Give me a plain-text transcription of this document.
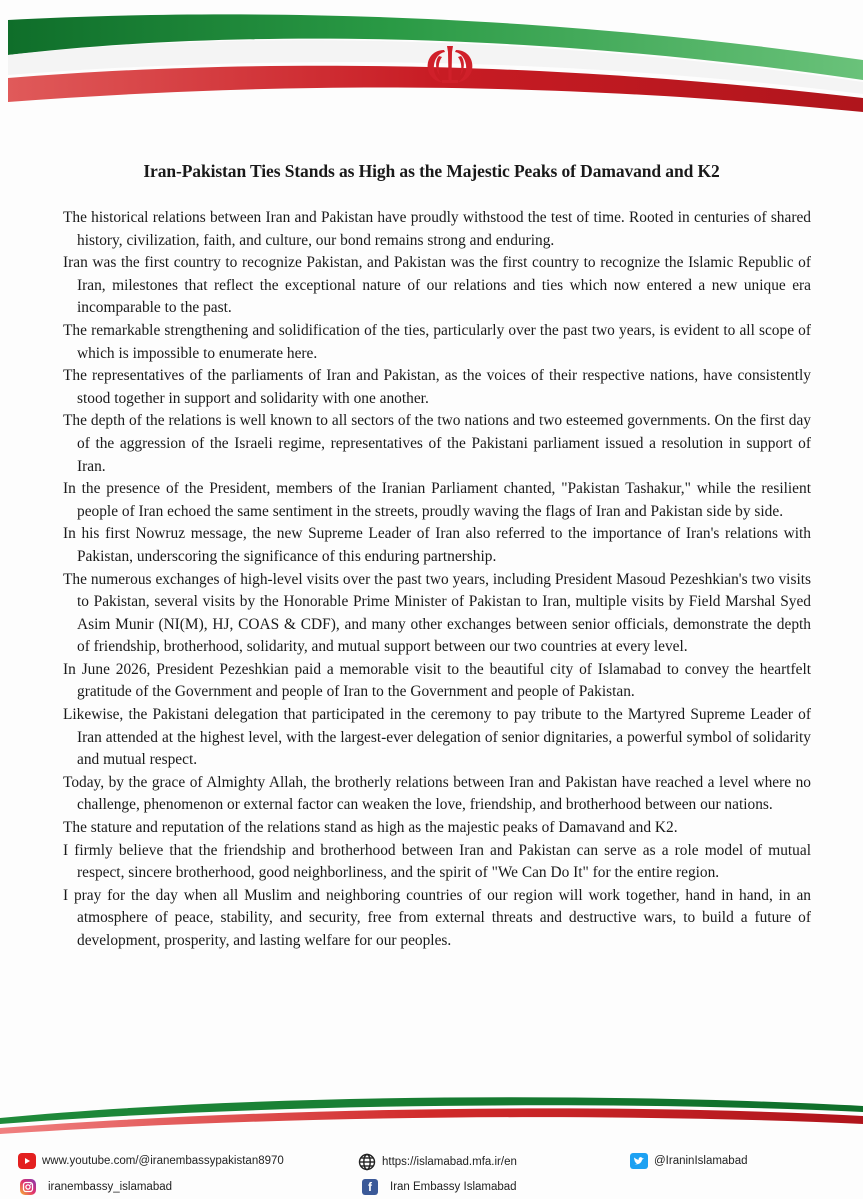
Iran-Pakistan Ties Stands as High as the Majestic Peaks of Damavand and K2

The historical relations between Iran and Pakistan have proudly withstood the test of time. Rooted in centuries of shared history, civilization, faith, and culture, our bond remains strong and enduring.

Iran was the first country to recognize Pakistan, and Pakistan was the first country to recognize the Islamic Republic of Iran, milestones that reflect the exceptional nature of our relations and ties which now entered a new unique era incomparable to the past.

The remarkable strengthening and solidification of the ties, particularly over the past two years, is evident to all scope of which is impossible to enumerate here.

The representatives of the parliaments of Iran and Pakistan, as the voices of their respective nations, have consistently stood together in support and solidarity with one another.

The depth of the relations is well known to all sectors of the two nations and two esteemed governments. On the first day of the aggression of the Israeli regime, representatives of the Pakistani parliament issued a resolution in support of Iran.

In the presence of the President, members of the Iranian Parliament chanted, "Pakistan Tashakur," while the resilient people of Iran echoed the same sentiment in the streets, proudly waving the flags of Iran and Pakistan side by side.

In his first Nowruz message, the new Supreme Leader of Iran also referred to the importance of Iran's relations with Pakistan, underscoring the significance of this enduring partnership.

The numerous exchanges of high-level visits over the past two years, including President Masoud Pezeshkian's two visits to Pakistan, several visits by the Honorable Prime Minister of Pakistan to Iran, multiple visits by Field Marshal Syed Asim Munir (NI(M), HJ, COAS & CDF), and many other exchanges between senior officials, demonstrate the depth of friendship, brotherhood, solidarity, and mutual support between our two countries at every level.

In June 2026, President Pezeshkian paid a memorable visit to the beautiful city of Islamabad to convey the heartfelt gratitude of the Government and people of Iran to the Government and people of Pakistan.

Likewise, the Pakistani delegation that participated in the ceremony to pay tribute to the Martyred Supreme Leader of Iran attended at the highest level, with the largest-ever delegation of senior dignitaries, a powerful symbol of solidarity and mutual respect.

Today, by the grace of Almighty Allah, the brotherly relations between Iran and Pakistan have reached a level where no challenge, phenomenon or external factor can weaken the love, friendship, and brotherhood between our nations.

The stature and reputation of the relations stand as high as the majestic peaks of Damavand and K2.

I firmly believe that the friendship and brotherhood between Iran and Pakistan can serve as a role model of mutual respect, sincere brotherhood, good neighborliness, and the spirit of "We Can Do It" for the entire region.

I pray for the day when all Muslim and neighboring countries of our region will work together, hand in hand, in an atmosphere of peace, stability, and security, free from external threats and destructive wars, to build a future of development, prosperity, and lasting welfare for our peoples.

www.youtube.com/@iranembassypakistan8970	https://islamabad.mfa.ir/en	@IraninIslamabad
iranembassy_islamabad	f	Iran Embassy Islamabad
